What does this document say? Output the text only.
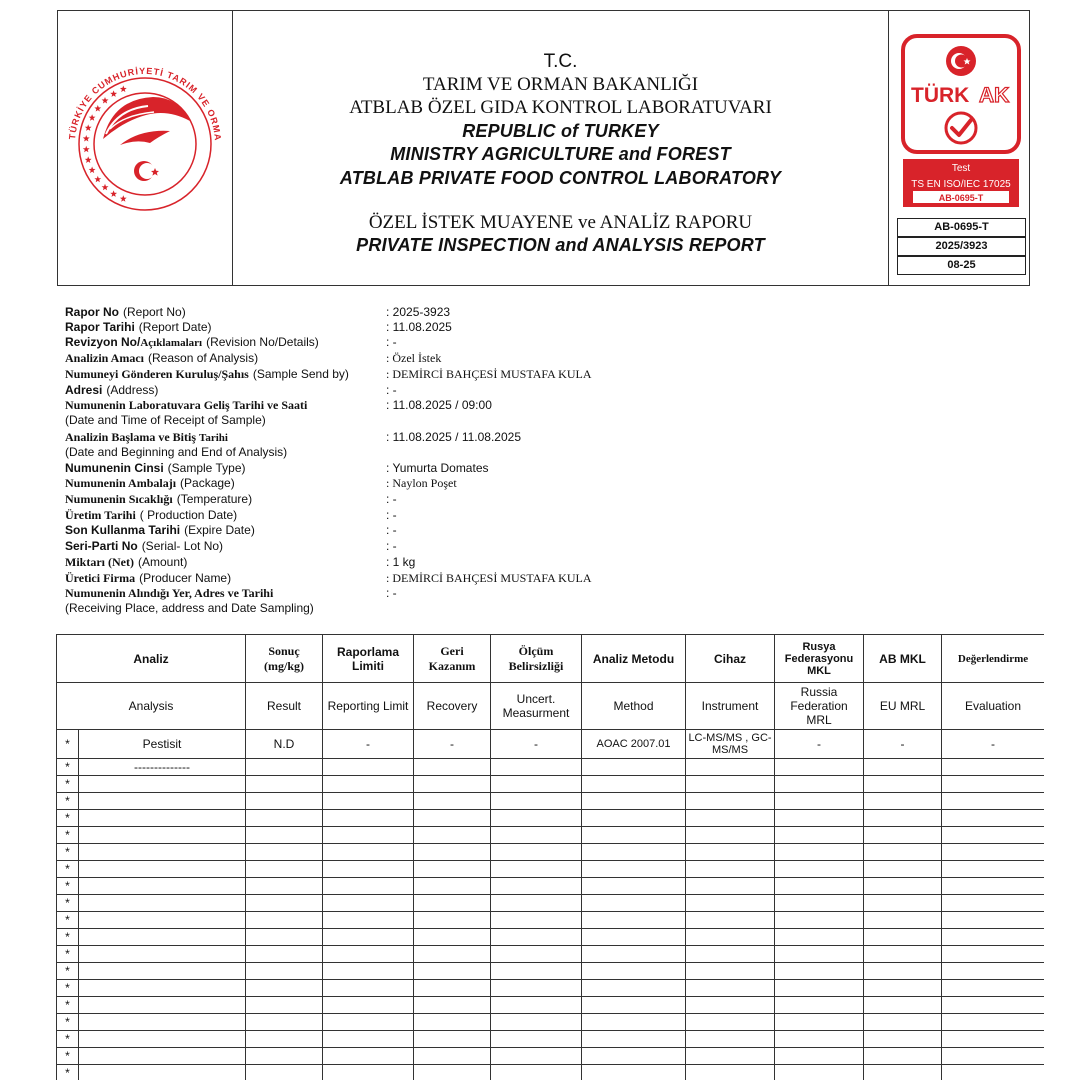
TÜRKİYE CUMHURİYETİ TARIM VE ORMA
T.C.
TARIM VE ORMAN BAKANLIĞI
ATBLAB ÖZEL GIDA KONTROL LABORATUVARI
REPUBLIC of TURKEY
MINISTRY AGRICULTURE and FOREST
ATBLAB PRIVATE FOOD CONTROL LABORATORY
ÖZEL İSTEK MUAYENE ve ANALİZ RAPORU
PRIVATE INSPECTION and ANALYSIS REPORT
TÜRK AK
Test
TS EN ISO/IEC 17025
AB-0695-T
AB-0695-T
2025/3923
08-25
Rapor No (Report No)	: 2025-3923
Rapor Tarihi (Report Date)	: 11.08.2025
Revizyon No/Açıklamaları (Revision No/Details)	: -
Analizin Amacı (Reason of Analysis)	: Özel İstek
Numuneyi Gönderen Kuruluş/Şahıs (Sample Send by)	: DEMİRCİ BAHÇESİ MUSTAFA KULA
Adresi (Address)	: -
Numunenin Laboratuvara Geliş Tarihi ve Saati
(Date and Time of Receipt of Sample)
: 11.08.2025 / 09:00
Analizin Başlama ve Bitiş Tarihi
(Date and Beginning and End of Analysis)
: 11.08.2025 / 11.08.2025
Numunenin Cinsi (Sample Type)	: Yumurta Domates
Numunenin Ambalajı (Package)	: Naylon Poşet
Numunenin Sıcaklığı (Temperature)	: -
Üretim Tarihi ( Production Date)	: -
Son Kullanma Tarihi (Expire Date)	: -
Seri-Parti No (Serial- Lot No)	: -
Miktarı (Net) (Amount)	: 1 kg
Üretici Firma (Producer Name)	: DEMİRCİ BAHÇESİ MUSTAFA KULA
Numunenin Alındığı Yer, Adres ve Tarihi
(Receiving Place, address and Date Sampling)
: -
Analiz		Sonuç (mg/kg)	Raporlama Limiti	Geri Kazanım	Ölçüm Belirsizliği	Analiz Metodu	Cihaz	Rusya Federasyonu MKL	AB MKL	Değerlendirme
Analysis		Result	Reporting Limit	Recovery	Uncert. Measurment	Method	Instrument	Russia Federation MRL	EU MRL	Evaluation
*	Pestisit	N.D	-	-	-	AOAC 2007.01	LC-MS/MS , GC-MS/MS	-	-	-
*	--------------									
*										
*										
*										
*										
*										
*										
*										
*										
*										
*										
*										
*										
*										
*										
*										
*										
*										
*										
